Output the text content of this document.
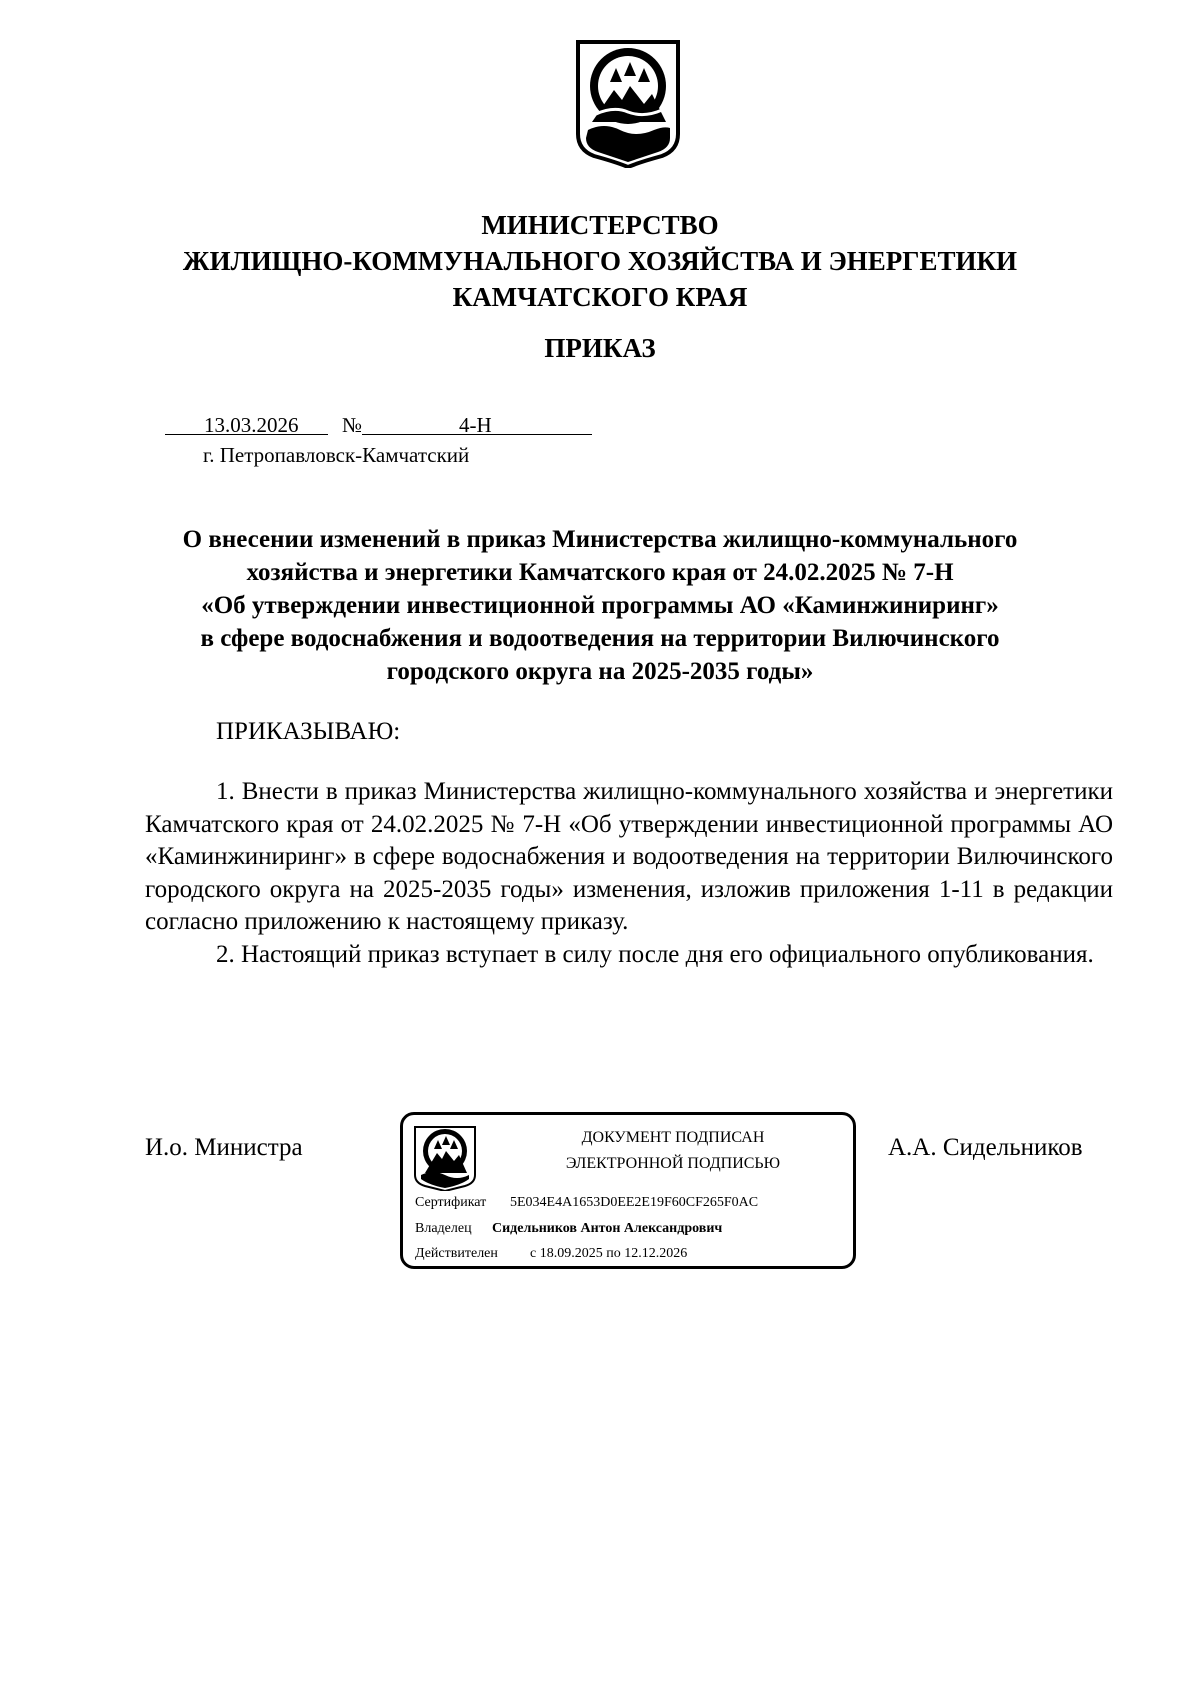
МИНИСТЕРСТВО
ЖИЛИЩНО-КОММУНАЛЬНОГО ХОЗЯЙСТВА И ЭНЕРГЕТИКИ
КАМЧАТСКОГО КРАЯ
ПРИКАЗ
13.03.2026 №	4-Н
г. Петропавловск-Камчатский
О внесении изменений в приказ Министерства жилищно-коммунального
хозяйства и энергетики Камчатского края от 24.02.2025 № 7-Н
«Об утверждении инвестиционной программы АО «Каминжиниринг»
в сфере водоснабжения и водоотведения на территории Вилючинского
городского округа на 2025-2035 годы»
ПРИКАЗЫВАЮ:

1. Внести в приказ Министерства жилищно-коммунального хозяйства и энергетики Камчатского края от 24.02.2025 № 7-Н «Об утверждении инвестиционной программы АО «Каминжиниринг» в сфере водоснабжения и водоотведения на территории Вилючинского городского округа на 2025-2035 годы» изменения, изложив приложения 1-11 в редакции согласно приложению к настоящему приказу.

2. Настоящий приказ вступает в силу после дня его официального опубликования.

И.о. Министра	А.А. Сидельников
ДОКУМЕНТ ПОДПИСАН
ЭЛЕКТРОННОЙ ПОДПИСЬЮ
Сертификат 5E034E4A1653D0EE2E19F60CF265F0AC
Владелец Сидельников Антон Александрович
Действителен с 18.09.2025 по 12.12.2026
